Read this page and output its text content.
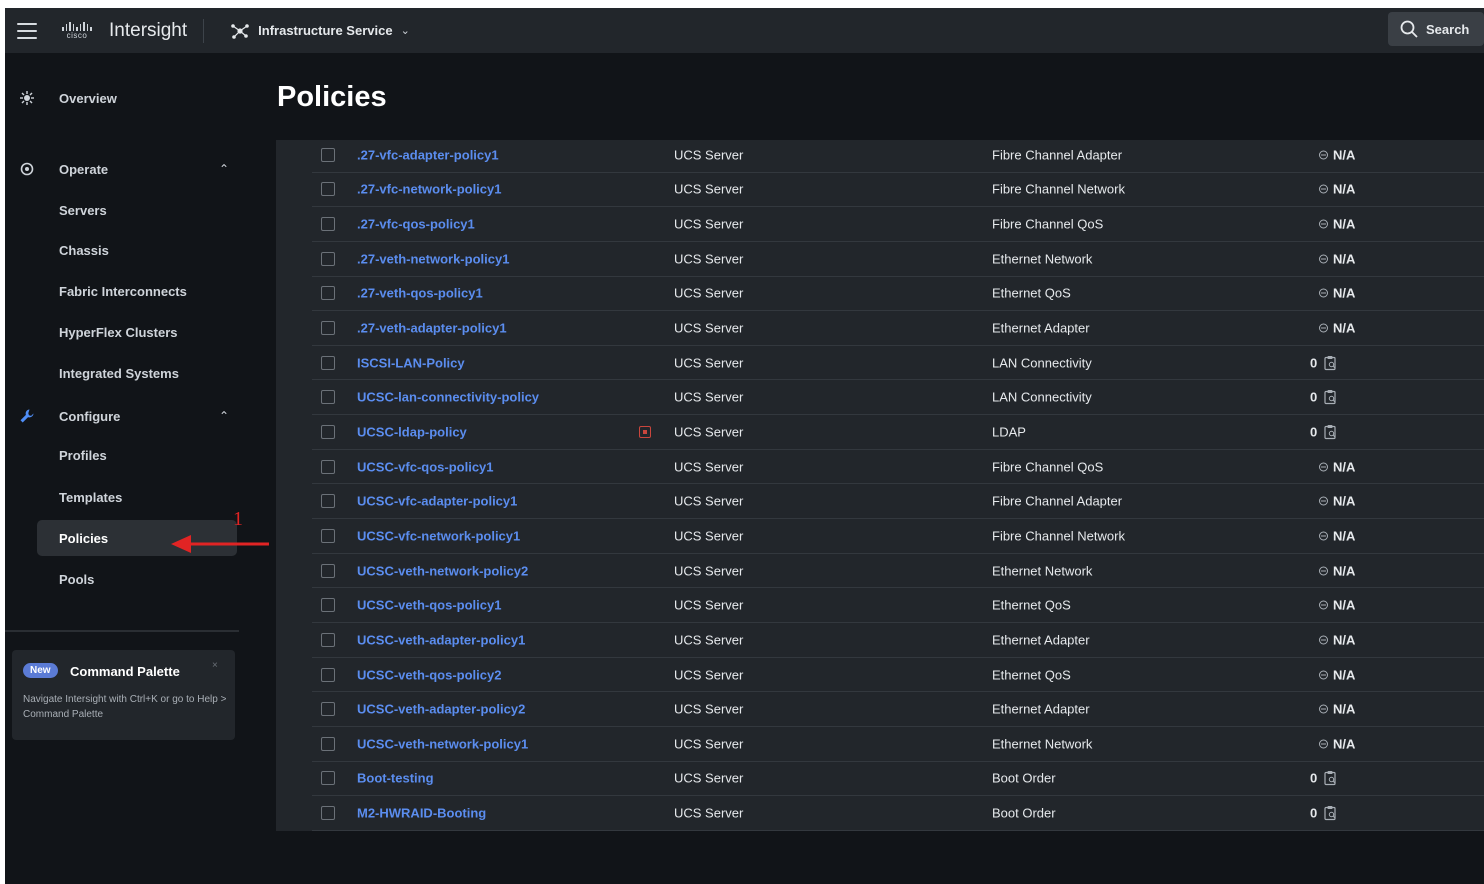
cisco Intersight	Infrastructure Service ⌄	Search
Overview
Operate	⌃
Servers
Chassis
Fabric Interconnects
HyperFlex Clusters
Integrated Systems
Configure	⌃
Profiles
Templates
Policies
Pools
New	Command Palette	×
Navigate Intersight with Ctrl+K or go to Help > Command Palette
Policies
.27-vfc-adapter-policy1	UCS Server	Fibre Channel Adapter	N/A
.27-vfc-network-policy1	UCS Server	Fibre Channel Network	N/A
.27-vfc-qos-policy1	UCS Server	Fibre Channel QoS	N/A
.27-veth-network-policy1	UCS Server	Ethernet Network	N/A
.27-veth-qos-policy1	UCS Server	Ethernet QoS	N/A
.27-veth-adapter-policy1	UCS Server	Ethernet Adapter	N/A
ISCSI-LAN-Policy	UCS Server	LAN Connectivity	0
UCSC-lan-connectivity-policy	UCS Server	LAN Connectivity	0
UCSC-ldap-policy	UCS Server	LDAP	0
UCSC-vfc-qos-policy1	UCS Server	Fibre Channel QoS	N/A
UCSC-vfc-adapter-policy1	UCS Server	Fibre Channel Adapter	N/A
UCSC-vfc-network-policy1	UCS Server	Fibre Channel Network	N/A
UCSC-veth-network-policy2	UCS Server	Ethernet Network	N/A
UCSC-veth-qos-policy1	UCS Server	Ethernet QoS	N/A
UCSC-veth-adapter-policy1	UCS Server	Ethernet Adapter	N/A
UCSC-veth-qos-policy2	UCS Server	Ethernet QoS	N/A
UCSC-veth-adapter-policy2	UCS Server	Ethernet Adapter	N/A
UCSC-veth-network-policy1	UCS Server	Ethernet Network	N/A
Boot-testing	UCS Server	Boot Order	0
M2-HWRAID-Booting	UCS Server	Boot Order	0
1
